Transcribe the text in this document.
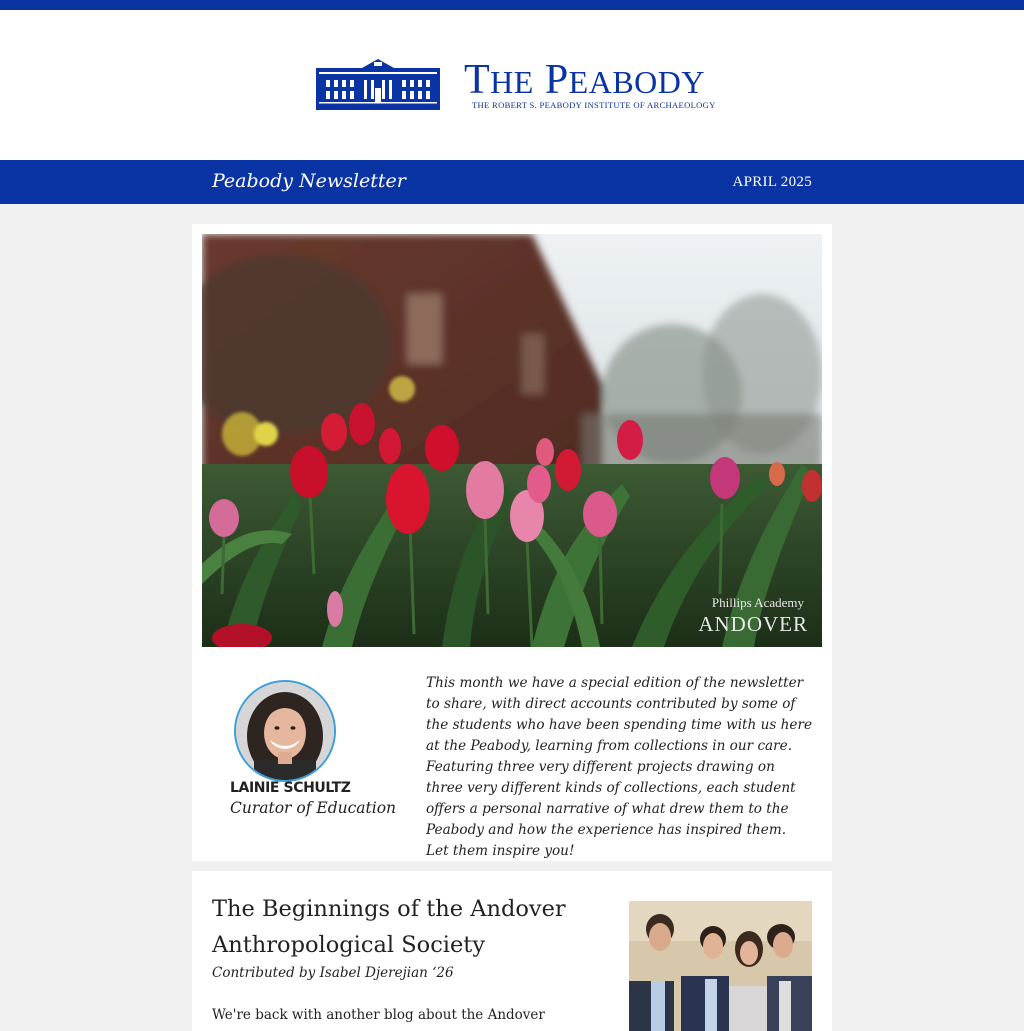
THE PEABODY
THE ROBERT S. PEABODY INSTITUTE OF ARCHAEOLOGY
Peabody Newsletter	APRIL 2025
Phillips Academy
ANDOVER
LAINIE SCHULTZ
Curator of Education

This month we have a special edition of the newsletter to share, with direct accounts contributed by some of the students who have been spending time with us here at the Peabody, learning from collections in our care. Featuring three very different projects drawing on three very different kinds of collections, each student offers a personal narrative of what drew them to the Peabody and how the experience has inspired them. Let them inspire you!

The Beginnings of the Andover Anthropological Society
Contributed by Isabel Djerejian ‘26

We're back with another blog about the Andover
